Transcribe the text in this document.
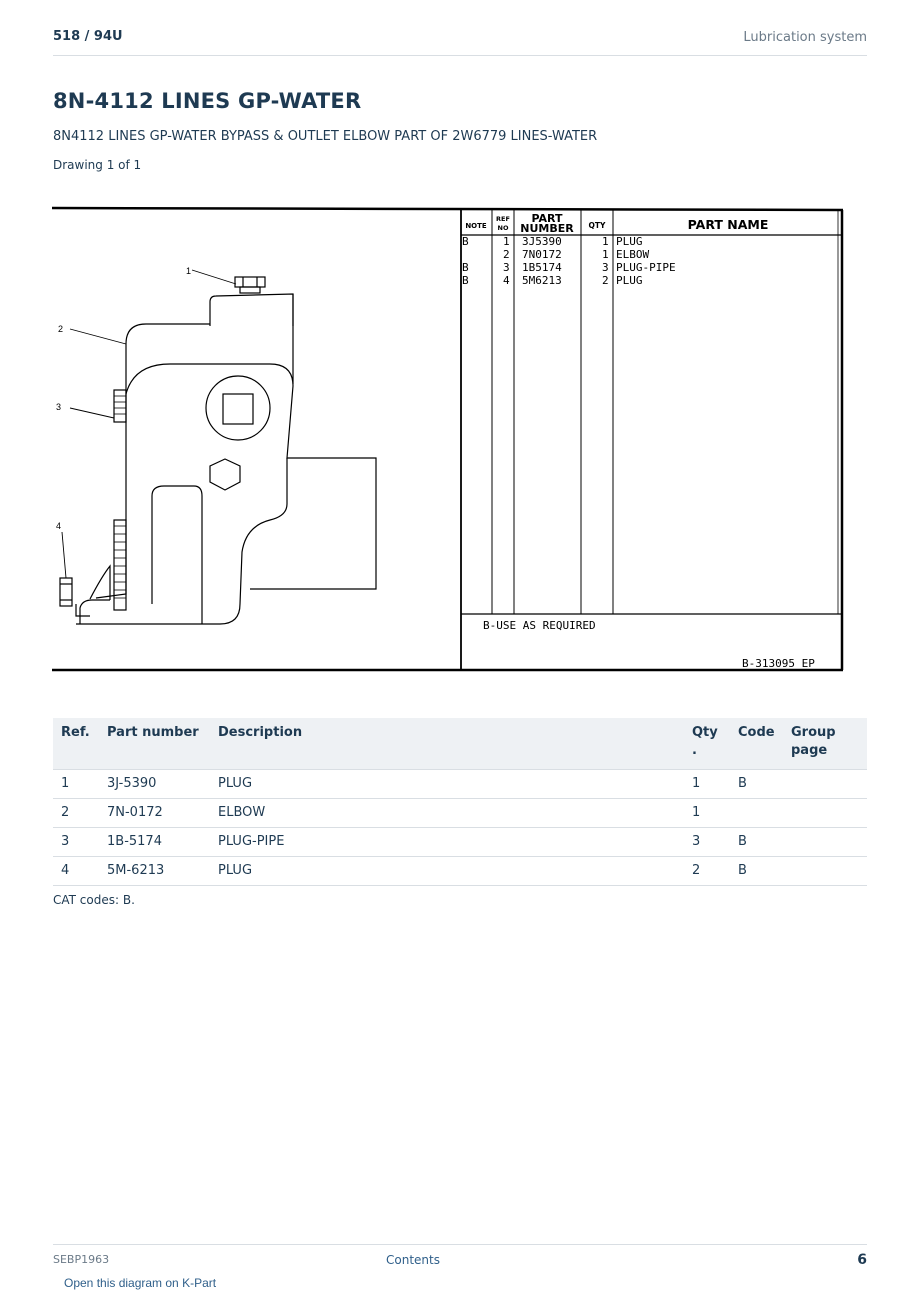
518 / 94U	Lubrication system
8N-4112 LINES GP-WATER
8N4112 LINES GP-WATER BYPASS & OUTLET ELBOW PART OF 2W6779 LINES-WATER
Drawing 1 of 1
1
2
3
4
NOTE
REF
NO
PART
NUMBER QTY	PART NAME
B	1 3J5390	1 PLUG
2 7N0172	1 ELBOW
B	3 1B5174	3 PLUG-PIPE
B	4 5M6213	2 PLUG
B-USE AS REQUIRED
B-313095 EP
Ref.	Part number	Description	Qty
.	Code	Group
page
1	3J-5390	PLUG	1	B	
2	7N-0172	ELBOW	1		
3	1B-5174	PLUG-PIPE	3	B	
4	5M-6213	PLUG	2	B	
CAT codes: B.
SEBP1963	Contents	6
Open this diagram on K-Part
